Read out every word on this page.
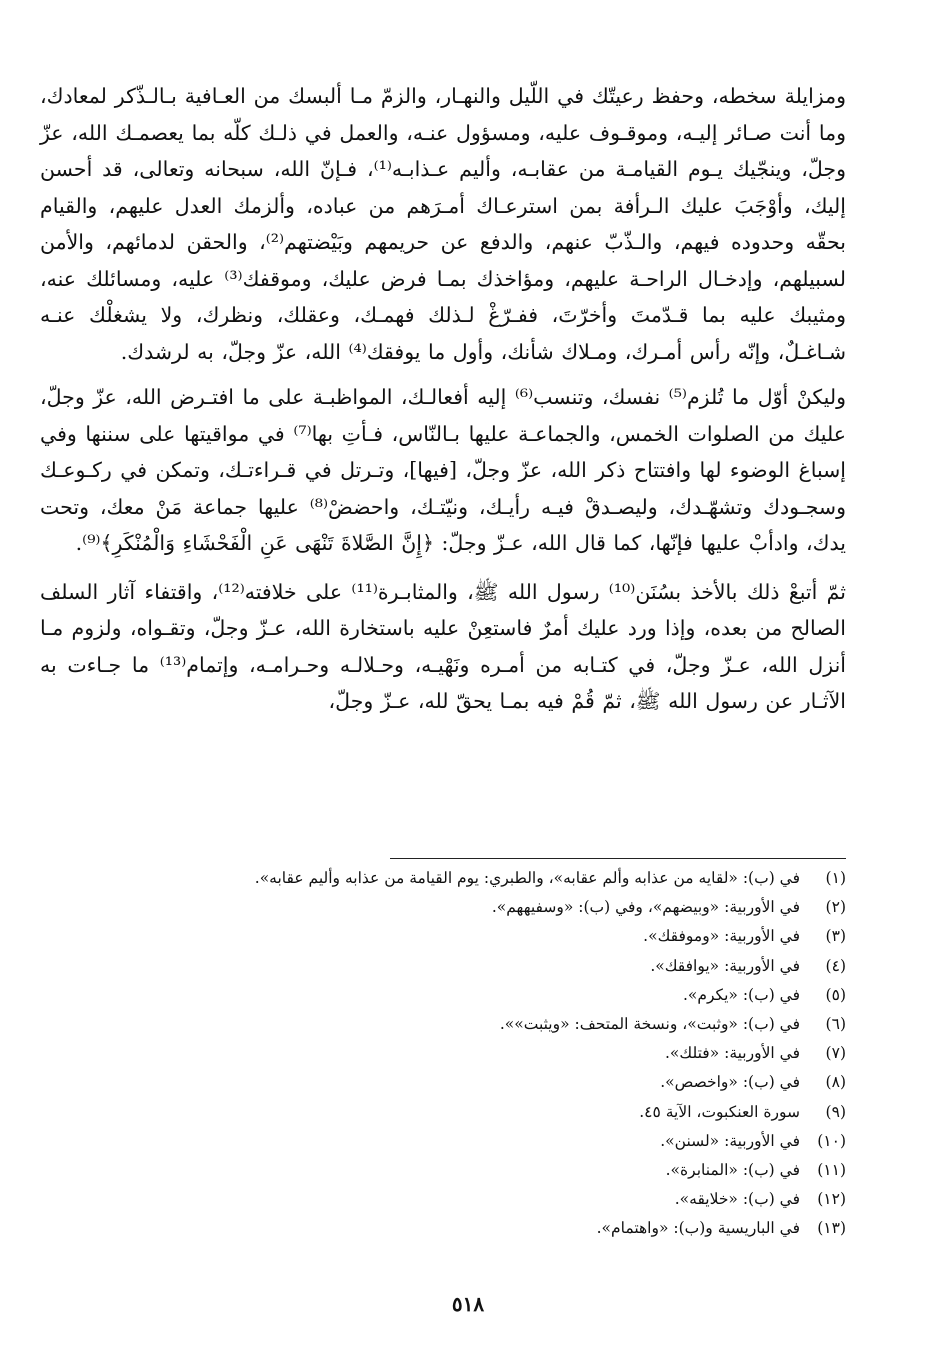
ومزايلة سخطه، وحفظ رعيتّك في اللّيل والنهـار، والزمّ مـا ألبسك من العـافية بـالـذّكر لمعادك، وما أنت صـائر إليـه، وموقـوف عليه، ومسؤول عنـه، والعمل في ذلـك كلّه بما يعصمـك الله، عزّ وجلّ، وينجّيك يـوم القيامـة من عقابـه، وأليم عـذابـه⁽¹⁾، فـإنّ الله، سبحانه وتعالى، قد أحسن إليك، وأوْجَبَ عليك الـرأفة بمن استرعـاك أمـرَهم من عباده، وألزمك العدل عليهم، والقيام بحقّه وحدوده فيهم، والـذّبّ عنهم، والدفع عن حريمهم وبَيْضتهم⁽²⁾، والحقن لدمائهم، والأمن لسبيلهم، وإدخـال الراحـة عليهم، ومؤاخذك بمـا فرض عليك، وموقفك⁽³⁾ عليه، ومسائلك عنه، ومثيبك عليه بما قـدّمتَ وأخرّتَ، ففـرّغْ لـذلك فهمـك، وعقلك، ونظرك، ولا يشغلْك عنـه شـاغـلٌ، وإنّه رأس أمـرك، ومـلاك شأنك، وأول ما يوفقك⁽⁴⁾ الله، عزّ وجلّ، به لرشدك.

وليكنْ أوّل ما تُلزم⁽⁵⁾ نفسك، وتنسب⁽⁶⁾ إليه أفعالـك، المواظبـة على ما افتـرض الله، عزّ وجلّ، عليك من الصلوات الخمس، والجماعـة عليها بـالنّاس، فـأتِ بها⁽⁷⁾ في مواقيتها على سننها وفي إسباغ الوضوء لها وافتتاح ذكر الله، عزّ وجلّ، [فيها]، وتـرتل في قـراءتـك، وتمكن في ركـوعـك وسجـودك وتشهّـدك، وليصـدقْ فيـه رأيـك، ونيّتـك، واحضضْ⁽⁸⁾ عليها جماعة مَنْ معك، وتحت يدك، وادأبْ عليها فإنّها، كما قال الله، عـزّ وجلّ: ﴿إِنَّ الصَّلاةَ تَنْهَى عَنِ الْفَحْشَاءِ وَالْمُنْكَرِ﴾⁽⁹⁾.

ثمّ أتبعْ ذلك بالأخذ بسُنَن⁽¹⁰⁾ رسول الله ﷺ، والمثابـرة⁽¹¹⁾ على خلافته⁽¹²⁾، واقتفاء آثار السلف الصالح من بعده، وإذا ورد عليك أمرٌ فاستعِنْ عليه باستخارة الله، عـزّ وجلّ، وتقـواه، ولزوم مـا أنزل الله، عـزّ وجلّ، في كتـابه من أمـره ونَهْيـه، وحـلالـه وحـرامـه، وإتمام⁽¹³⁾ ما جـاءت به الآثـار عن رسول الله ﷺ، ثمّ قُمْ فيه بمـا يحقّ لله، عـزّ وجلّ،

(١)
في (ب): «لقايه من عذابه وألم عقابه»، والطبري: يوم القيامة من عذابه وأليم عقابه».
(٢)
في الأوربية: «وبيضهم»، وفي (ب): «وسفيههم».
(٣)
في الأوربية: «وموفقك».
(٤)
في الأوربية: «يوافقك».
(٥)
في (ب): «يكرم».
(٦)
في (ب): «وثبت»، ونسخة المتحف: «ويثبت»».
(٧)
في الأوربية: «فتلك».
(٨)
في (ب): «واخصص».
(٩)
سورة العنكبوت، الآية ٤٥.
(١٠)
في الأوربية: «لسنن».
(١١)
في (ب): «المنابرة».
(١٢)
في (ب): «خلايقه».
(١٣)
في الباريسية و(ب): «واهتمام».
٥١٨
